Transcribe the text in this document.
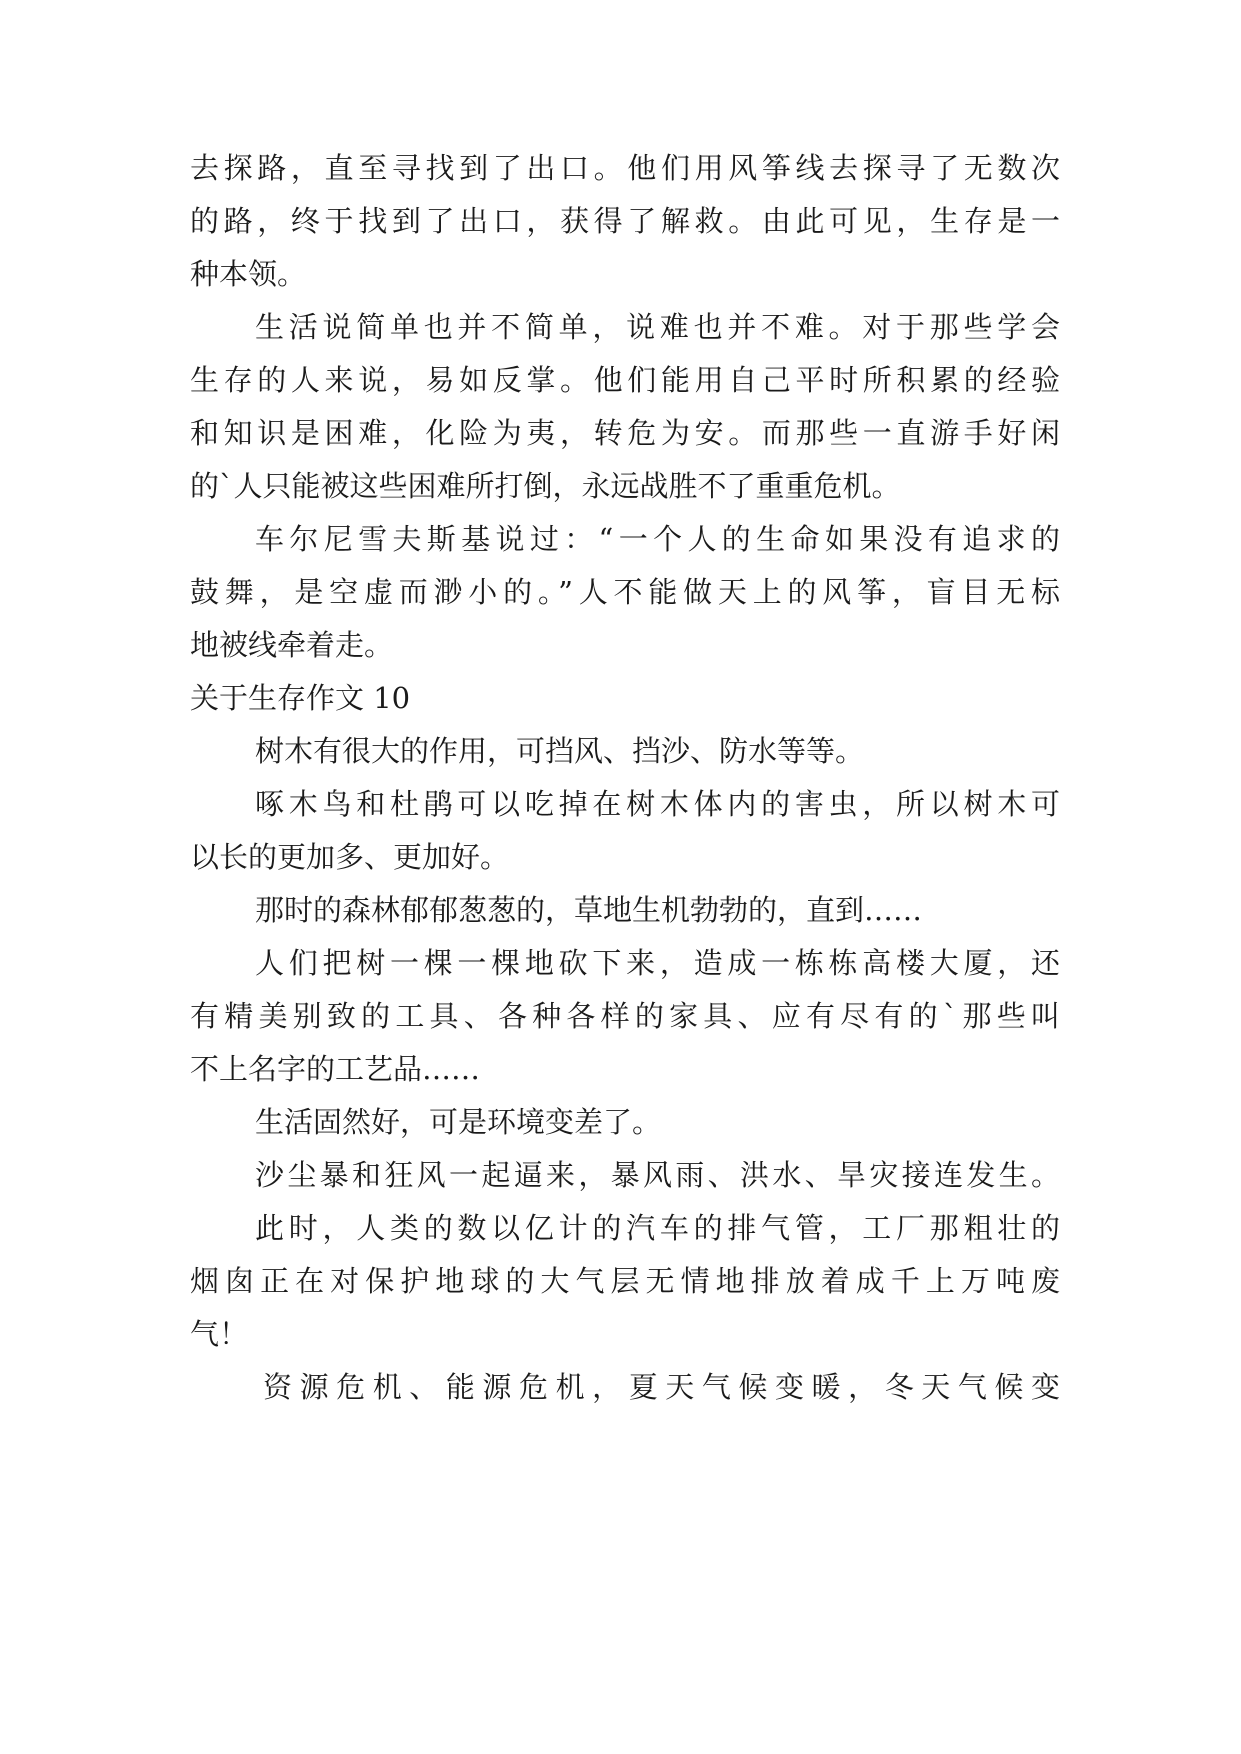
去探路，直至寻找到了出口。他们用风筝线去探寻了无数次

的路，终于找到了出口，获得了解救。由此可见，生存是一

种本领。

生活说简单也并不简单，说难也并不难。对于那些学会

生存的人来说，易如反掌。他们能用自己平时所积累的经验

和知识是困难，化险为夷，转危为安。而那些一直游手好闲

的`人只能被这些困难所打倒，永远战胜不了重重危机。

车尔尼雪夫斯基说过：“一个人的生命如果没有追求的

鼓舞，是空虚而渺小的。”人不能做天上的风筝，盲目无标

地被线牵着走。

关于生存作文 10

树木有很大的作用，可挡风、挡沙、防水等等。

啄木鸟和杜鹃可以吃掉在树木体内的害虫，所以树木可

以长的更加多、更加好。

那时的森林郁郁葱葱的，草地生机勃勃的，直到……

人们把树一棵一棵地砍下来，造成一栋栋高楼大厦，还

有精美别致的工具、各种各样的家具、应有尽有的`那些叫

不上名字的工艺品……

生活固然好，可是环境变差了。

沙尘暴和狂风一起逼来，暴风雨、洪水、旱灾接连发生。

此时，人类的数以亿计的汽车的排气管，工厂那粗壮的

烟囱正在对保护地球的大气层无情地排放着成千上万吨废

气！

资源危机、能源危机，夏天气候变暖，冬天气候变
